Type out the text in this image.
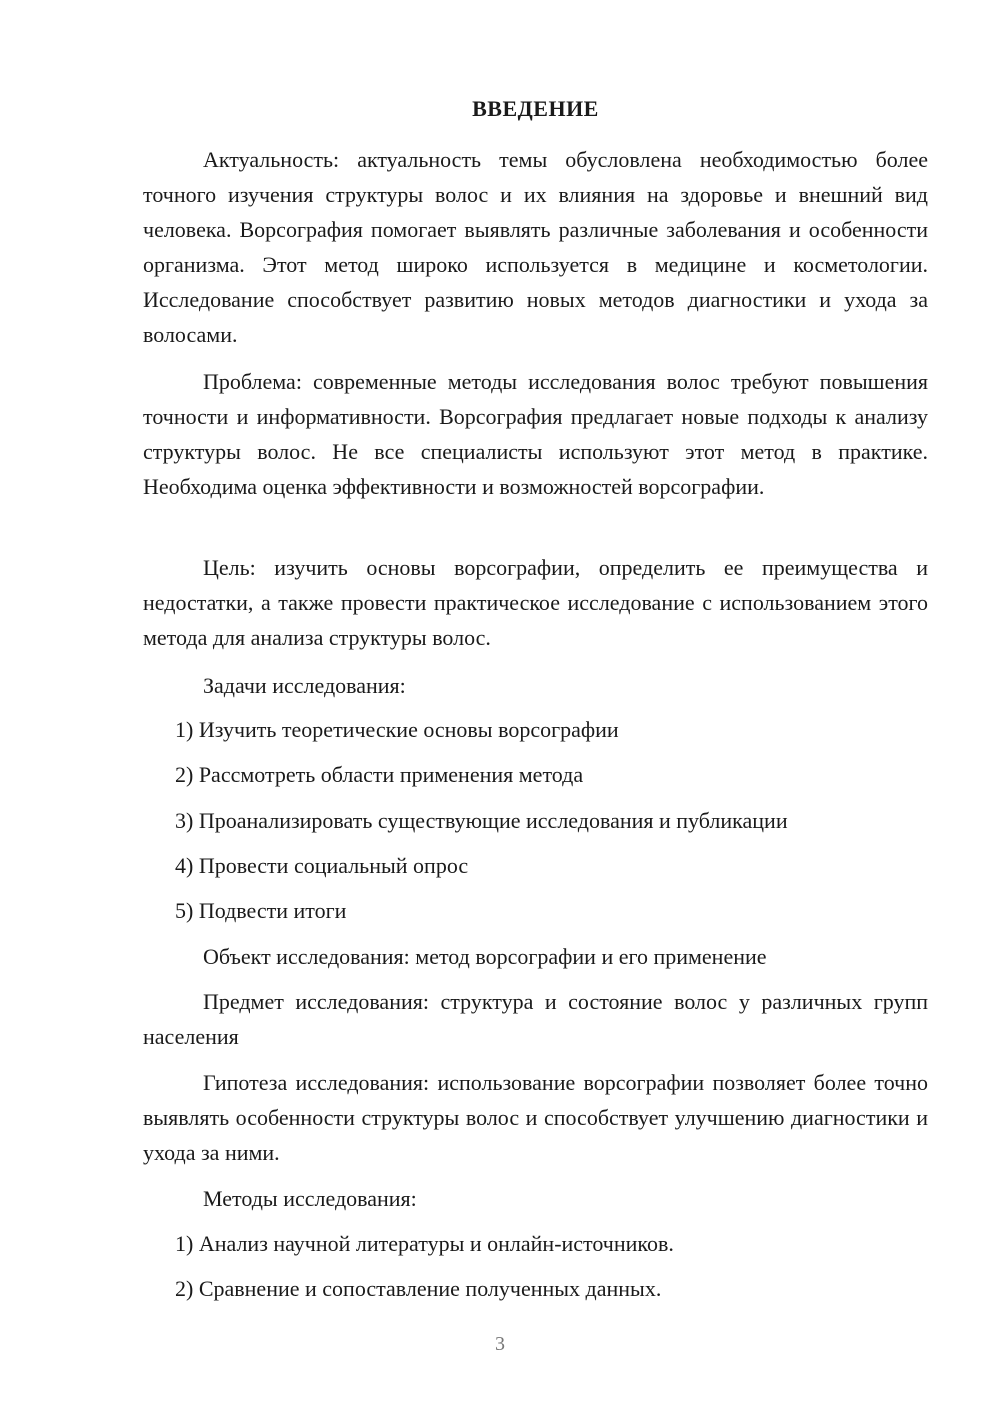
ВВЕДЕНИЕ
Актуальность: актуальность темы обусловлена необходимостью более точного изучения структуры волос и их влияния на здоровье и внешний вид человека. Ворсография помогает выявлять различные заболевания и особенности организма. Этот метод широко используется в медицине и косметологии. Исследование способствует развитию новых методов диагностики и ухода за волосами.
Проблема: современные методы исследования волос требуют повышения точности и информативности. Ворсография предлагает новые подходы к анализу структуры волос. Не все специалисты используют этот метод в практике. Необходима оценка эффективности и возможностей ворсографии.
Цель: изучить основы ворсографии, определить ее преимущества и недостатки, а также провести практическое исследование с использованием этого метода для анализа структуры волос.
Задачи исследования:
1) Изучить теоретические основы ворсографии
2) Рассмотреть области применения метода
3) Проанализировать существующие исследования и публикации
4) Провести социальный опрос
5) Подвести итоги
Объект исследования: метод ворсографии и его применение
Предмет исследования: структура и состояние волос у различных групп населения
Гипотеза исследования: использование ворсографии позволяет более точно выявлять особенности структуры волос и способствует улучшению диагностики и ухода за ними.
Методы исследования:
1) Анализ научной литературы и онлайн-источников.
2) Сравнение и сопоставление полученных данных.
3
